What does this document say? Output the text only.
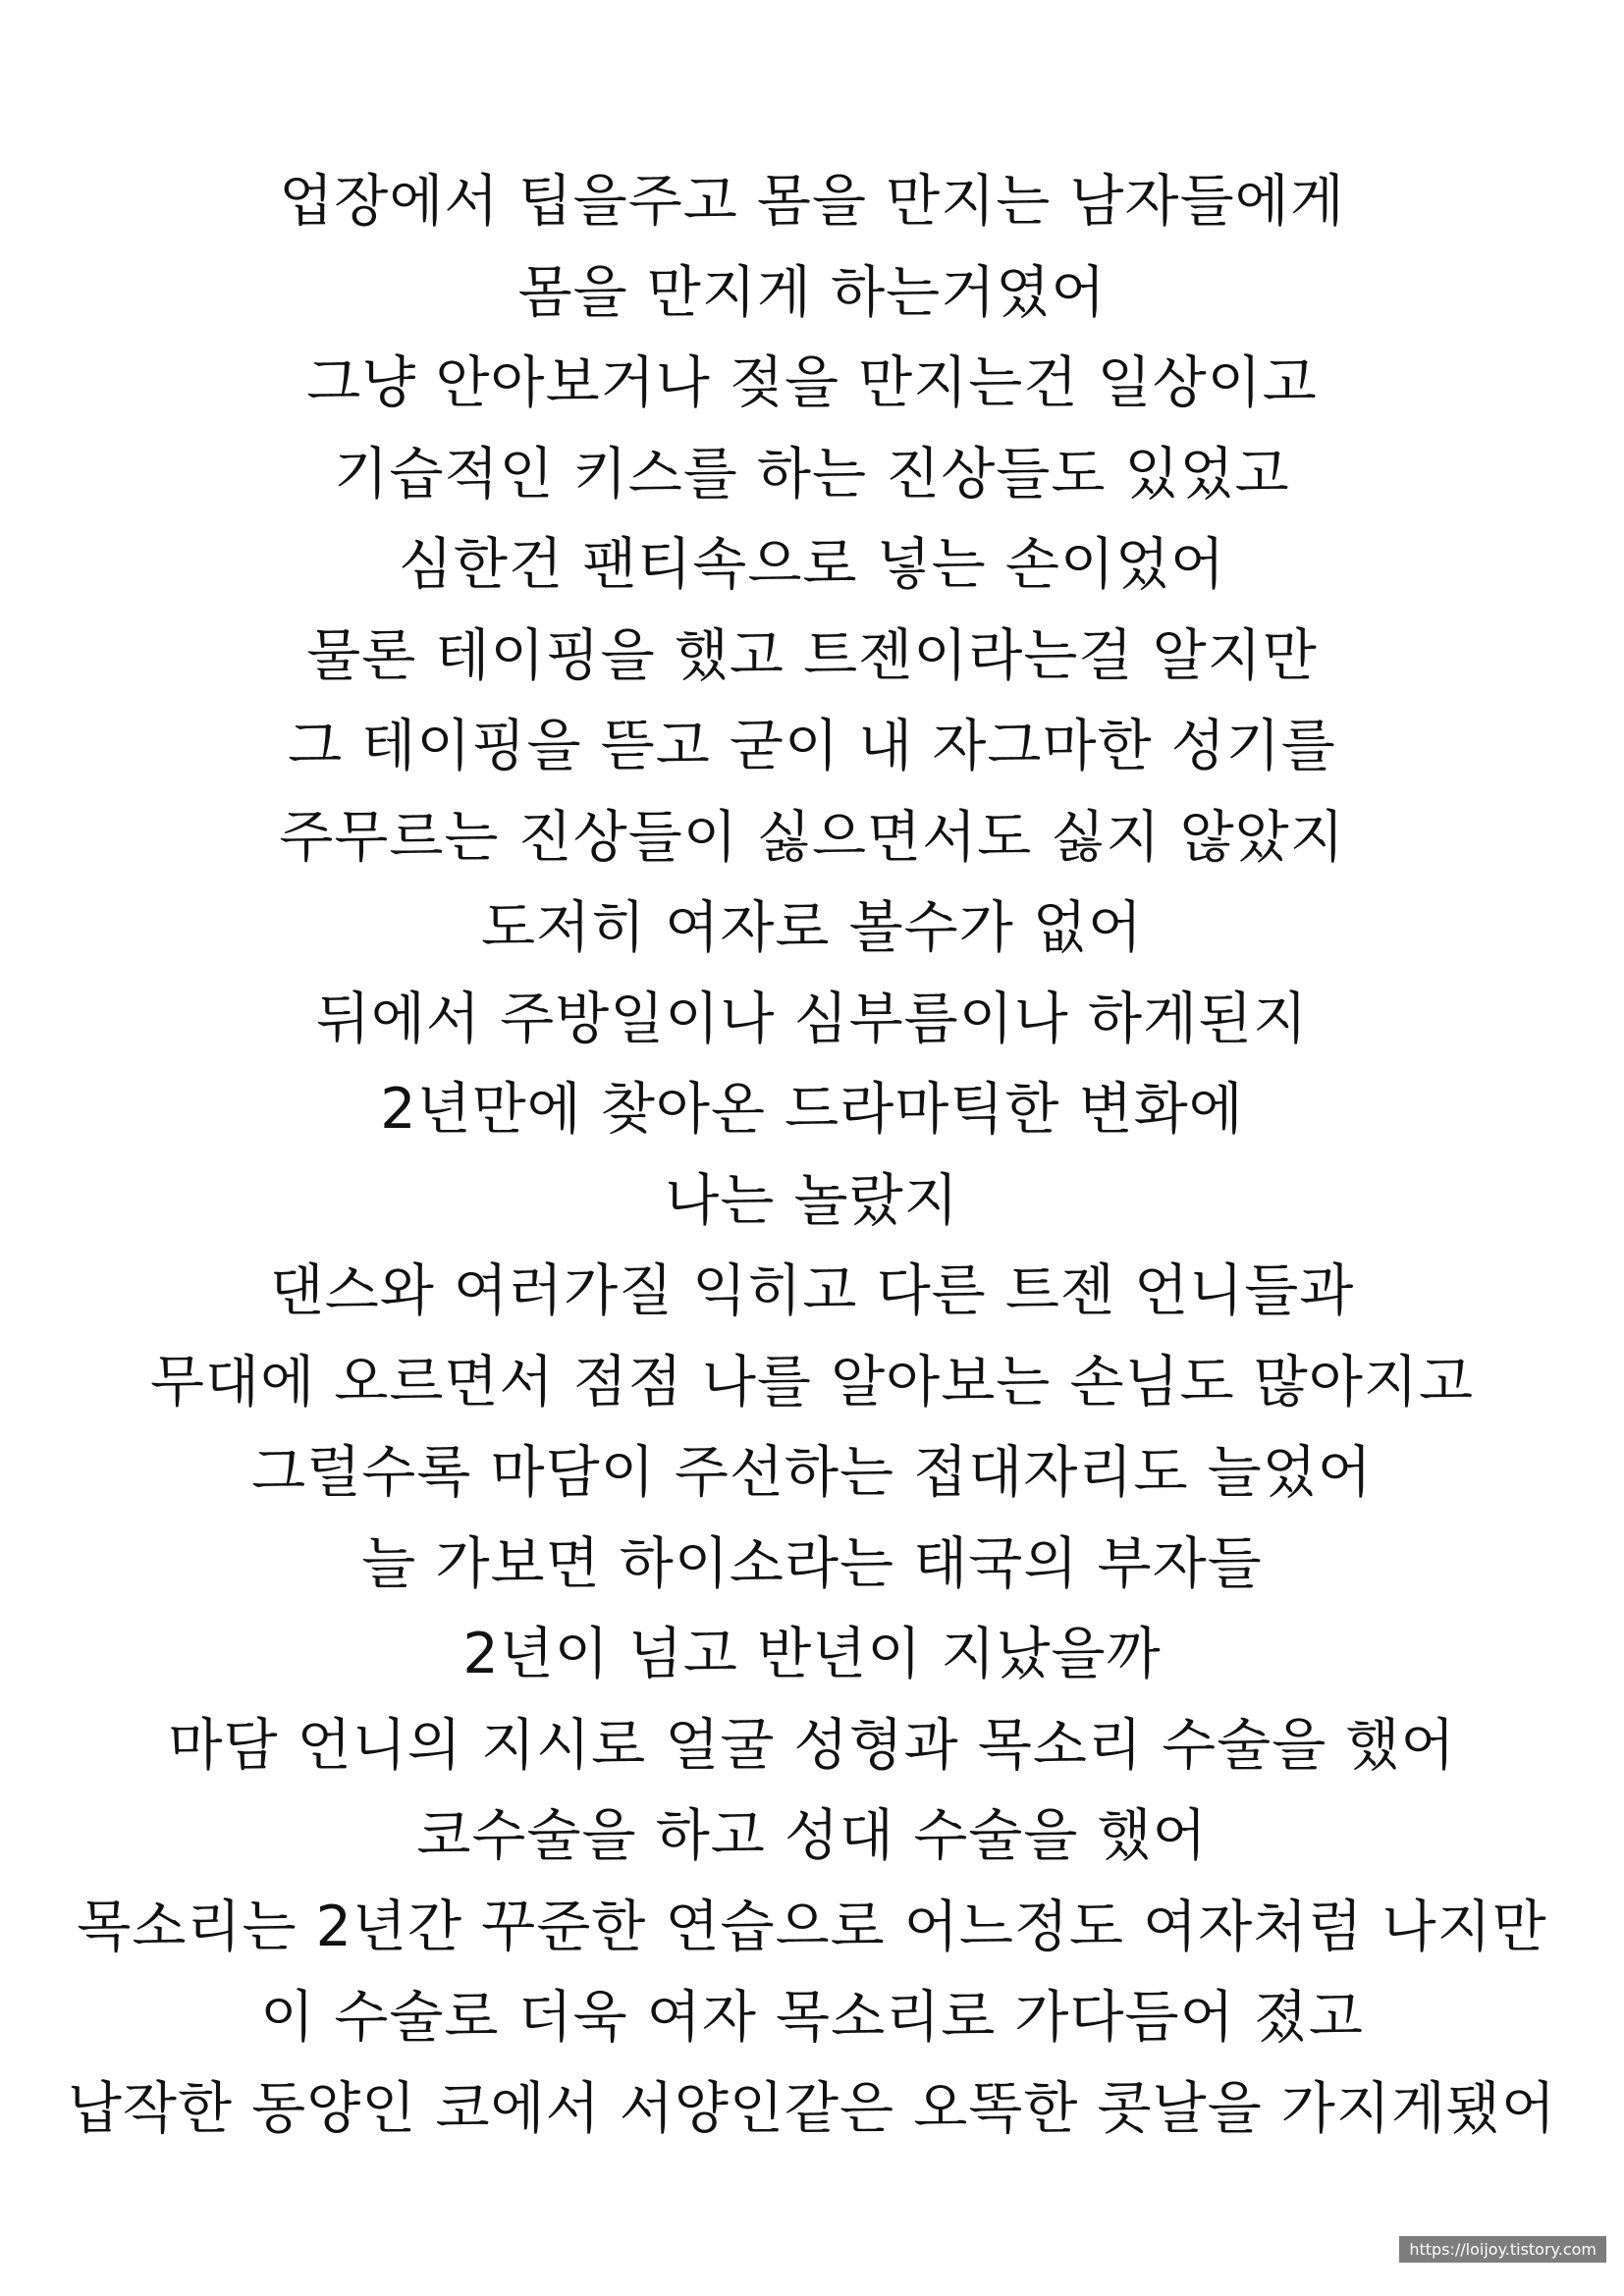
업장에서 팁을주고 몸을 만지는 남자들에게
몸을 만지게 하는거였어
그냥 안아보거나 젖을 만지는건 일상이고
기습적인 키스를 하는 진상들도 있었고
심한건 팬티속으로 넣는 손이었어
물론 테이핑을 했고 트젠이라는걸 알지만
그 테이핑을 뜯고 굳이 내 자그마한 성기를
주무르는 진상들이 싫으면서도 싫지 않았지
도저히 여자로 볼수가 없어
뒤에서 주방일이나 심부름이나 하게된지
2년만에 찾아온 드라마틱한 변화에
나는 놀랐지
댄스와 여러가질 익히고 다른 트젠 언니들과
무대에 오르면서 점점 나를 알아보는 손님도 많아지고
그럴수록 마담이 주선하는 접대자리도 늘었어
늘 가보면 하이소라는 태국의 부자들
2년이 넘고 반년이 지났을까
마담 언니의 지시로 얼굴 성형과 목소리 수술을 했어
코수술을 하고 성대 수술을 했어
목소리는 2년간 꾸준한 연습으로 어느정도 여자처럼 나지만
이 수술로 더욱 여자 목소리로 가다듬어 졌고
납작한 동양인 코에서 서양인같은 오똑한 콧날을 가지게됐어
https://loijoy.tistory.com
